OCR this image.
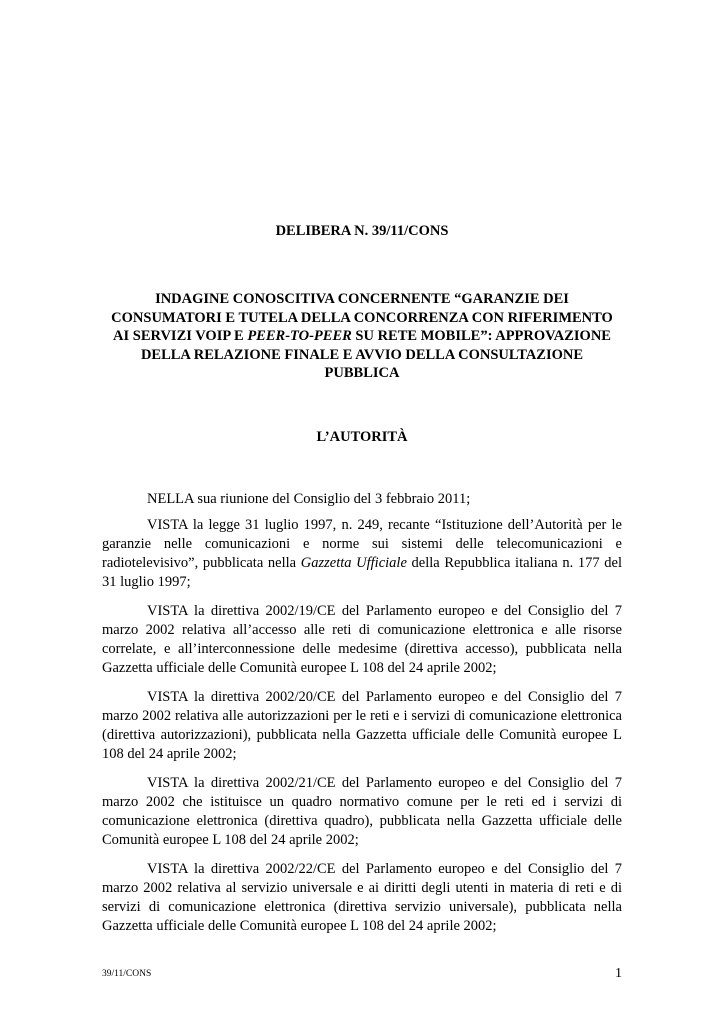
DELIBERA N. 39/11/CONS
INDAGINE CONOSCITIVA CONCERNENTE “GARANZIE DEI
CONSUMATORI E TUTELA DELLA CONCORRENZA CON RIFERIMENTO
AI SERVIZI VOIP E PEER-TO-PEER SU RETE MOBILE”: APPROVAZIONE
DELLA RELAZIONE FINALE E AVVIO DELLA CONSULTAZIONE
PUBBLICA
L’AUTORITÀ

NELLA sua riunione del Consiglio del 3 febbraio 2011;

VISTA la legge 31 luglio 1997, n. 249, recante “Istituzione dell’Autorità per le garanzie nelle comunicazioni e norme sui sistemi delle telecomunicazioni e radiotelevisivo”, pubblicata nella Gazzetta Ufficiale della Repubblica italiana n. 177 del 31 luglio 1997;

VISTA la direttiva 2002/19/CE del Parlamento europeo e del Consiglio del 7 marzo 2002 relativa all’accesso alle reti di comunicazione elettronica e alle risorse correlate, e all’interconnessione delle medesime (direttiva accesso), pubblicata nella Gazzetta ufficiale delle Comunità europee L 108 del 24 aprile 2002;

VISTA la direttiva 2002/20/CE del Parlamento europeo e del Consiglio del 7 marzo 2002 relativa alle autorizzazioni per le reti e i servizi di comunicazione elettronica (direttiva autorizzazioni), pubblicata nella Gazzetta ufficiale delle Comunità europee L 108 del 24 aprile 2002;

VISTA la direttiva 2002/21/CE del Parlamento europeo e del Consiglio del 7 marzo 2002 che istituisce un quadro normativo comune per le reti ed i servizi di comunicazione elettronica (direttiva quadro), pubblicata nella Gazzetta ufficiale delle Comunità europee L 108 del 24 aprile 2002;

VISTA la direttiva 2002/22/CE del Parlamento europeo e del Consiglio del 7 marzo 2002 relativa al servizio universale e ai diritti degli utenti in materia di reti e di servizi di comunicazione elettronica (direttiva servizio universale), pubblicata nella Gazzetta ufficiale delle Comunità europee L 108 del 24 aprile 2002;

39/11/CONS	1
